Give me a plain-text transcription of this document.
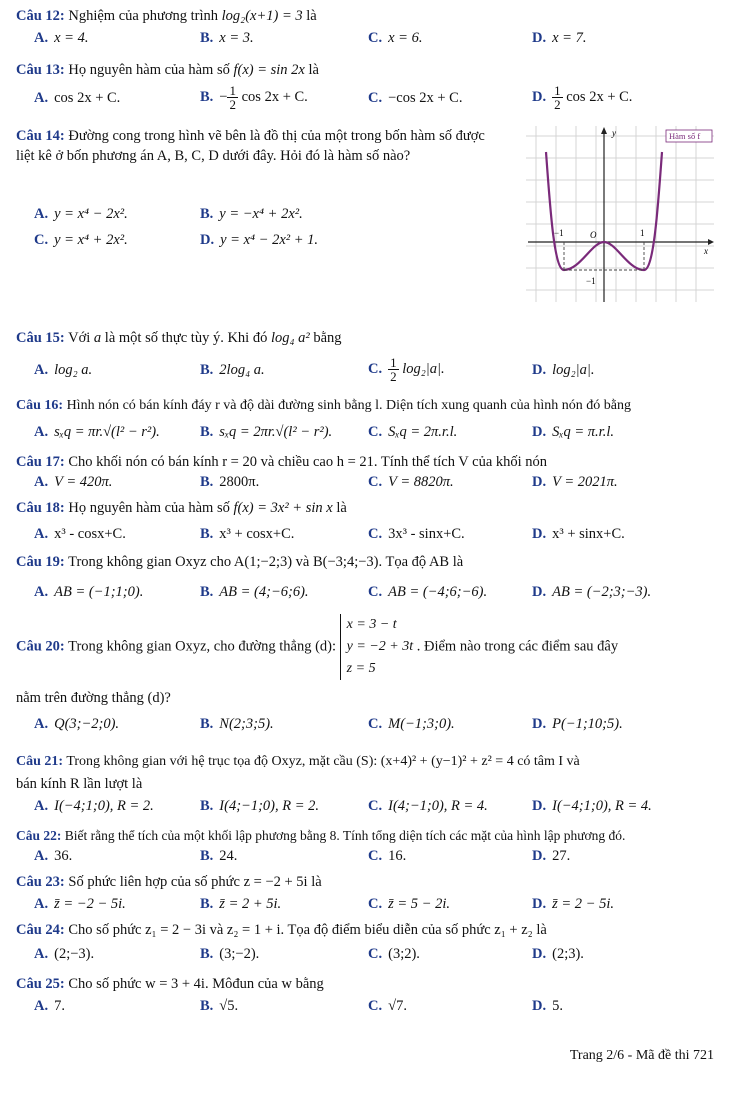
Câu 12: Nghiệm của phương trình log₂(x+1) = 3 là
A. x = 4.	B. x = 3.	C. x = 6.	D. x = 7.
Câu 13: Họ nguyên hàm của hàm số f(x) = sin 2x là
A. cos 2x + C.	B. − $\frac{1}{2}$ cos 2x + C.	C. −cos 2x + C.	D. $\frac{1}{2}$ cos 2x + C.
Câu 14: Đường cong trong hình vẽ bên là đồ thị của một trong bốn hàm số được liệt kê ở bốn phương án A, B, C, D dưới đây. Hỏi đó là hàm số nào?
A. y = x⁴ − 2x².	B. y = −x⁴ + 2x².
C. y = x⁴ + 2x².	D. y = x⁴ − 2x² + 1.
Hàm số f
y
x
−1	1
O
−1
Câu 15: Với a là một số thực tùy ý. Khi đó log₄ a² bằng
A. log₂ a.	B. 2log₄ a.	C. $\frac{1}{2} \log_2|a|$.	D. log₂|a|.
Câu 16: Hình nón có bán kính đáy r và độ dài đường sinh bằng l. Diện tích xung quanh của hình nón đó bằng
A. sₓq = πr.√(l² − r²).	B. sₓq = 2πr.√(l² − r²). C. Sₓq = 2π.r.l.	D. Sₓq = π.r.l.
Câu 17: Cho khối nón có bán kính r = 20 và chiều cao h = 21. Tính thể tích V của khối nón
A. V = 420π.	B. 2800π.	C. V = 8820π.	D. V = 2021π.
Câu 18: Họ nguyên hàm của hàm số f(x) = 3x² + sin x là
A. x³ - cosx+C.	B. x³ + cosx+C.	C. 3x³ - sinx+C.	D. x³ + sinx+C.
Câu 19: Trong không gian Oxyz cho A(1;−2;3) và B(−3;4;−3). Tọa độ AB là
A. AB = (−1;1;0).	B. AB = (4;−6;6).	C. AB = (−4;6;−6).	D. AB = (−2;3;−3).
Câu 20: Trong không gian Oxyz, cho đường thẳng (d):
x = 3 − t
y = −2 + 3t
z = 5
. Điểm nào trong các điểm sau đây
nằm trên đường thẳng (d)?
A. Q(3;−2;0).	B. N(2;3;5).	C. M(−1;3;0).	D. P(−1;10;5).
Câu 21: Trong không gian với hệ trục tọa độ Oxyz, mặt cầu (S): (x+4)² + (y−1)² + z² = 4 có tâm I và
bán kính R lần lượt là
A. I(−4;1;0), R = 2.	B. I(4;−1;0), R = 2.	C. I(4;−1;0), R = 4.	D. I(−4;1;0), R = 4.
Câu 22: Biết rằng thể tích của một khối lập phương bằng 8. Tính tổng diện tích các mặt của hình lập phương đó.
A. 36.	B. 24.	C. 16.	D. 27.
Câu 23: Số phức liên hợp của số phức z = −2 + 5i là
A. z̄ = −2 − 5i.	B. z̄ = 2 + 5i.	C. z̄ = 5 − 2i.	D. z̄ = 2 − 5i.
Câu 24: Cho số phức z₁ = 2 − 3i và z₂ = 1 + i. Tọa độ điểm biểu diễn của số phức z₁ + z₂ là
A. (2;−3).	B. (3;−2).	C. (3;2).	D. (2;3).
Câu 25: Cho số phức w = 3 + 4i. Môđun của w bằng
A. 7.	B. √5.	C. √7.	D. 5.
Trang 2/6 - Mã đề thi 721
